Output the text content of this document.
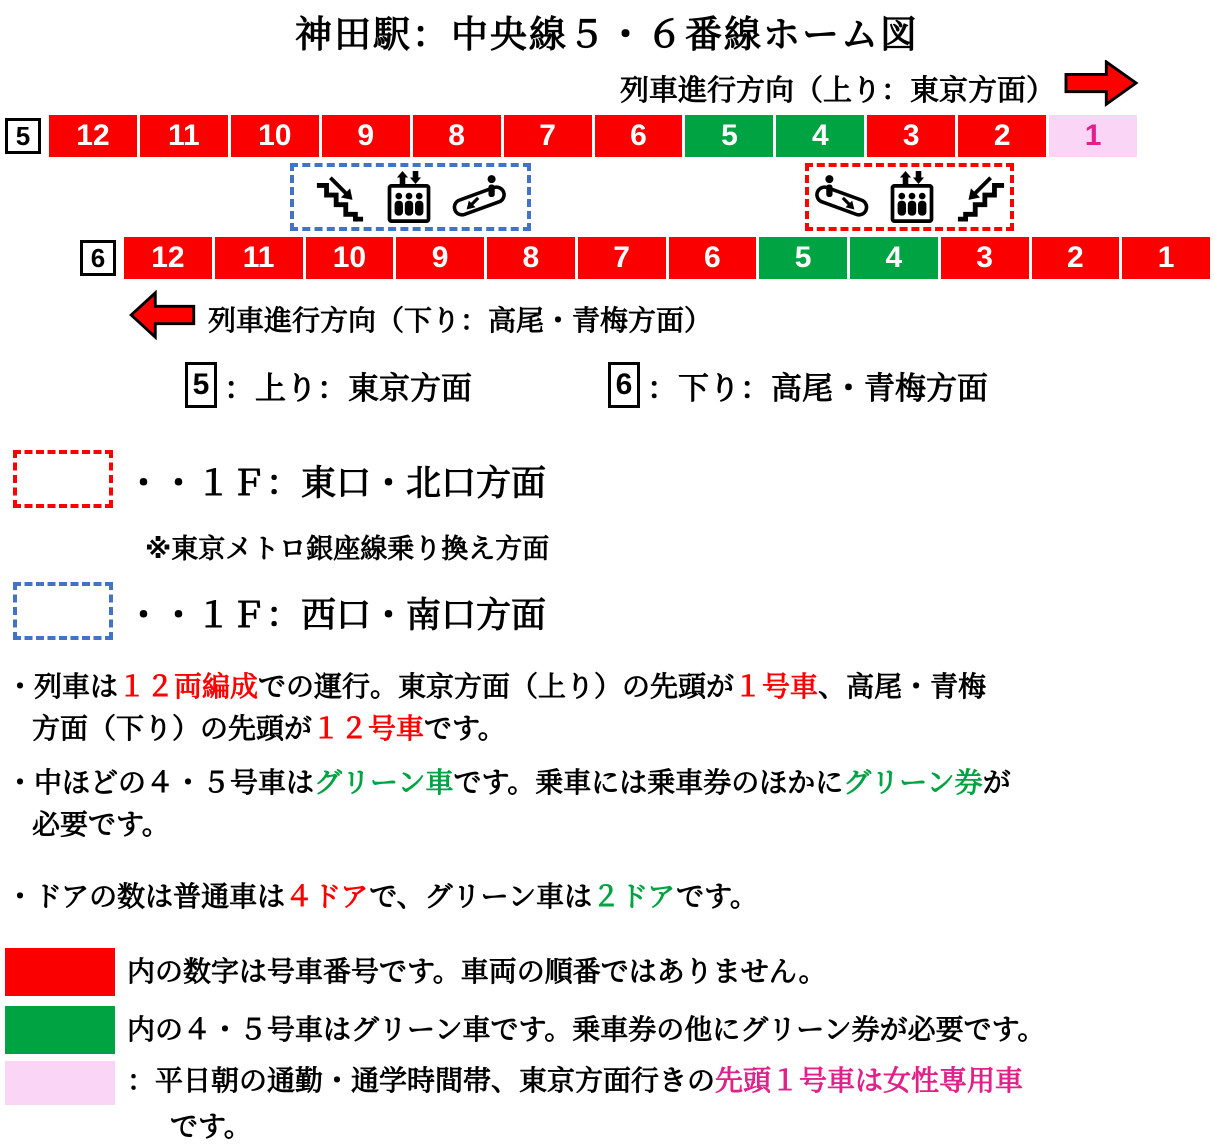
神田駅：中央線５・６番線ホーム図
列車進行方向（上り：東京方面）
5	12	11	10	9	8	7	6	5	4	3	2	1
6	12	11	10	9	8	7	6	5	4	3	2	1
列車進行方向（下り：高尾・青梅方面）
5 ：上り：東京方面	6 ：下り：高尾・青梅方面
・・１Ｆ：東口・北口方面
※東京メトロ銀座線乗り換え方面
・・１Ｆ：西口・南口方面
・列車は１２両編成での運行。東京方面（上り）の先頭が１号車、高尾・青梅
方面（下り）の先頭が１２号車です。
・中ほどの４・５号車はグリーン車です。乗車には乗車券のほかにグリーン券が
必要です。
・ドアの数は普通車は４ドアで、グリーン車は２ドアです。
内の数字は号車番号です。車両の順番ではありません。
内の４・５号車はグリーン車です。乗車券の他にグリーン券が必要です。
：平日朝の通勤・通学時間帯、東京方面行きの先頭１号車は女性専用車
です。
